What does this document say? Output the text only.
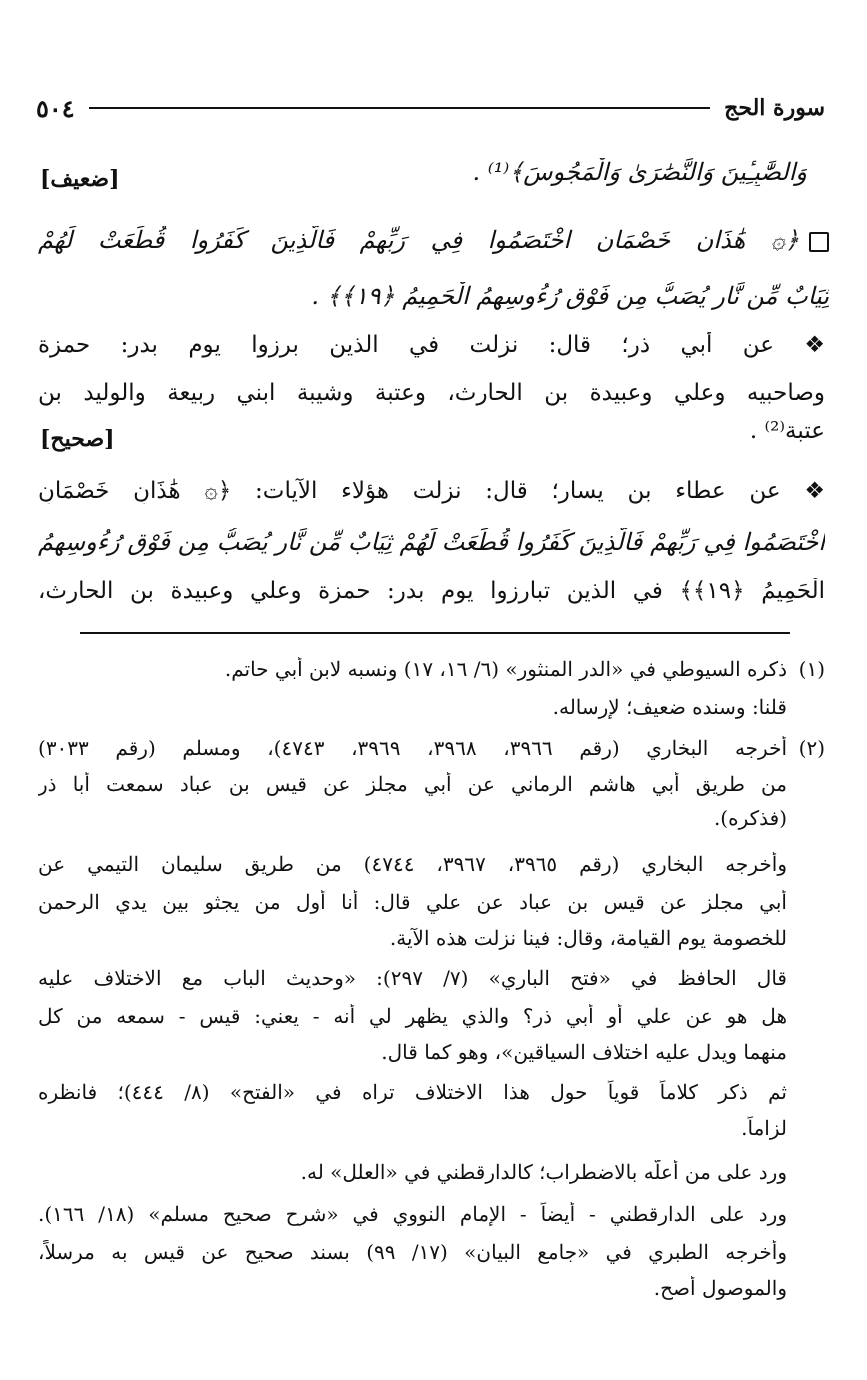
سورة الحج
٥٠٤
وَالصَّٰبِـِٔينَ وَالنَّصَٰرَىٰ وَالْمَجُوسَ﴾⁽¹⁾ .
[ضعيف]
﴿۞ هَٰذَانِ خَصْمَانِ اخْتَصَمُوا فِي رَبِّهِمْ فَالَّذِينَ كَفَرُوا قُطِّعَتْ لَهُمْ
ثِيَابٌ مِّن نَّارٍ يُصَبُّ مِن فَوْقِ رُءُوسِهِمُ الْحَمِيمُ ﴿١٩﴾﴾ .
❖ عن أبي ذر؛ قال: نزلت في الذين برزوا يوم بدر: حمزة
وصاحبيه وعلي وعبيدة بن الحارث، وعتبة وشيبة ابني ربيعة والوليد بن
عتبة⁽²⁾ .
[صحيح]
❖ عن عطاء بن يسار؛ قال: نزلت هؤلاء الآيات: ﴿۞ هَٰذَانِ خَصْمَانِ
اخْتَصَمُوا فِي رَبِّهِمْ فَالَّذِينَ كَفَرُوا قُطِّعَتْ لَهُمْ ثِيَابٌ مِّن نَّارٍ يُصَبُّ مِن فَوْقِ رُءُوسِهِمُ
الْحَمِيمُ ﴿١٩﴾﴾ في الذين تبارزوا يوم بدر: حمزة وعلي وعبيدة بن الحارث،
(١)
ذكره السيوطي في «الدر المنثور» (٦/ ١٦، ١٧) ونسبه لابن أبي حاتم.
قلنا: وسنده ضعيف؛ لإرساله.
(٢)
أخرجه البخاري (رقم ٣٩٦٦، ٣٩٦٨، ٣٩٦٩، ٤٧٤٣)، ومسلم (رقم ٣٠٣٣)
من طريق أبي هاشم الرماني عن أبي مجلز عن قيس بن عباد سمعت أبا ذر
(فذكره).
وأخرجه البخاري (رقم ٣٩٦٥، ٣٩٦٧، ٤٧٤٤) من طريق سليمان التيمي عن
أبي مجلز عن قيس بن عباد عن علي قال: أنا أول من يجثو بين يدي الرحمن
للخصومة يوم القيامة، وقال: فينا نزلت هذه الآية.
قال الحافظ في «فتح الباري» (٧/ ٢٩٧): «وحديث الباب مع الاختلاف عليه
هل هو عن علي أو أبي ذر؟ والذي يظهر لي أنه - يعني: قيس - سمعه من كل
منهما ويدل عليه اختلاف السياقين»، وهو كما قال.
ثم ذكر كلاماً قوياً حول هذا الاختلاف تراه في «الفتح» (٨/ ٤٤٤)؛ فانظره
لزاماً.
ورد على من أعلّه بالاضطراب؛ كالدارقطني في «العلل» له.
ورد على الدارقطني - أيضاً - الإمام النووي في «شرح صحيح مسلم» (١٨/ ١٦٦).
وأخرجه الطبري في «جامع البيان» (١٧/ ٩٩) بسند صحيح عن قيس به مرسلاً،
والموصول أصح.
